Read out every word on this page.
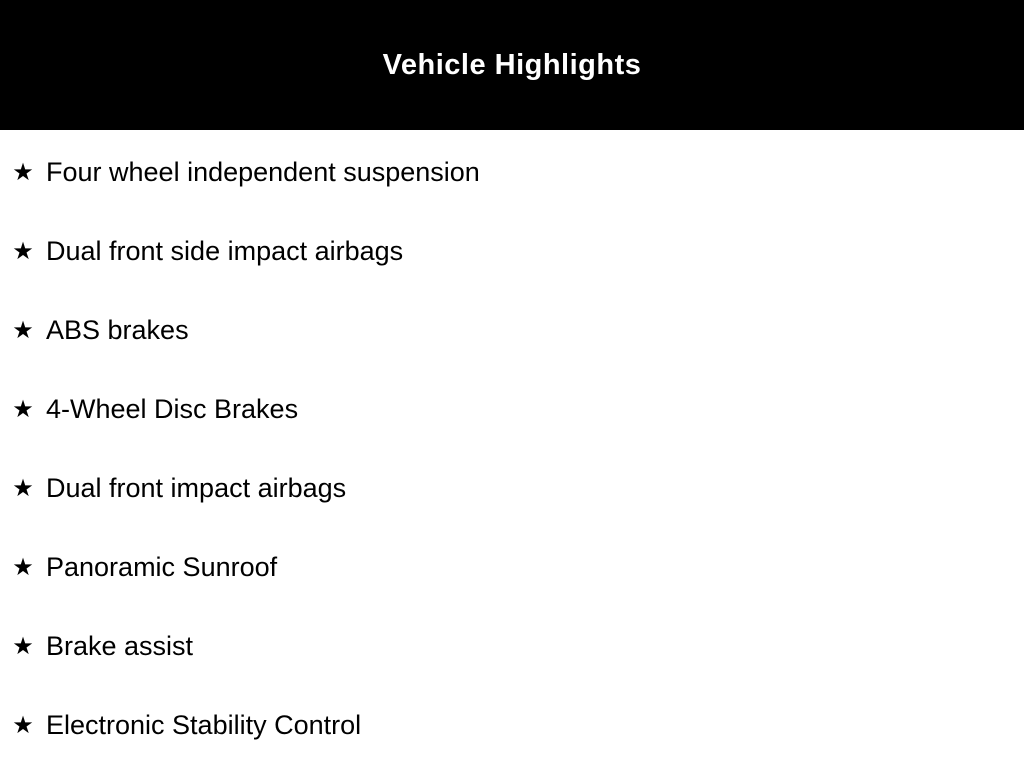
Vehicle Highlights
★ Four wheel independent suspension
★ Dual front side impact airbags
★ ABS brakes
★ 4-Wheel Disc Brakes
★ Dual front impact airbags
★ Panoramic Sunroof
★ Brake assist
★ Electronic Stability Control
